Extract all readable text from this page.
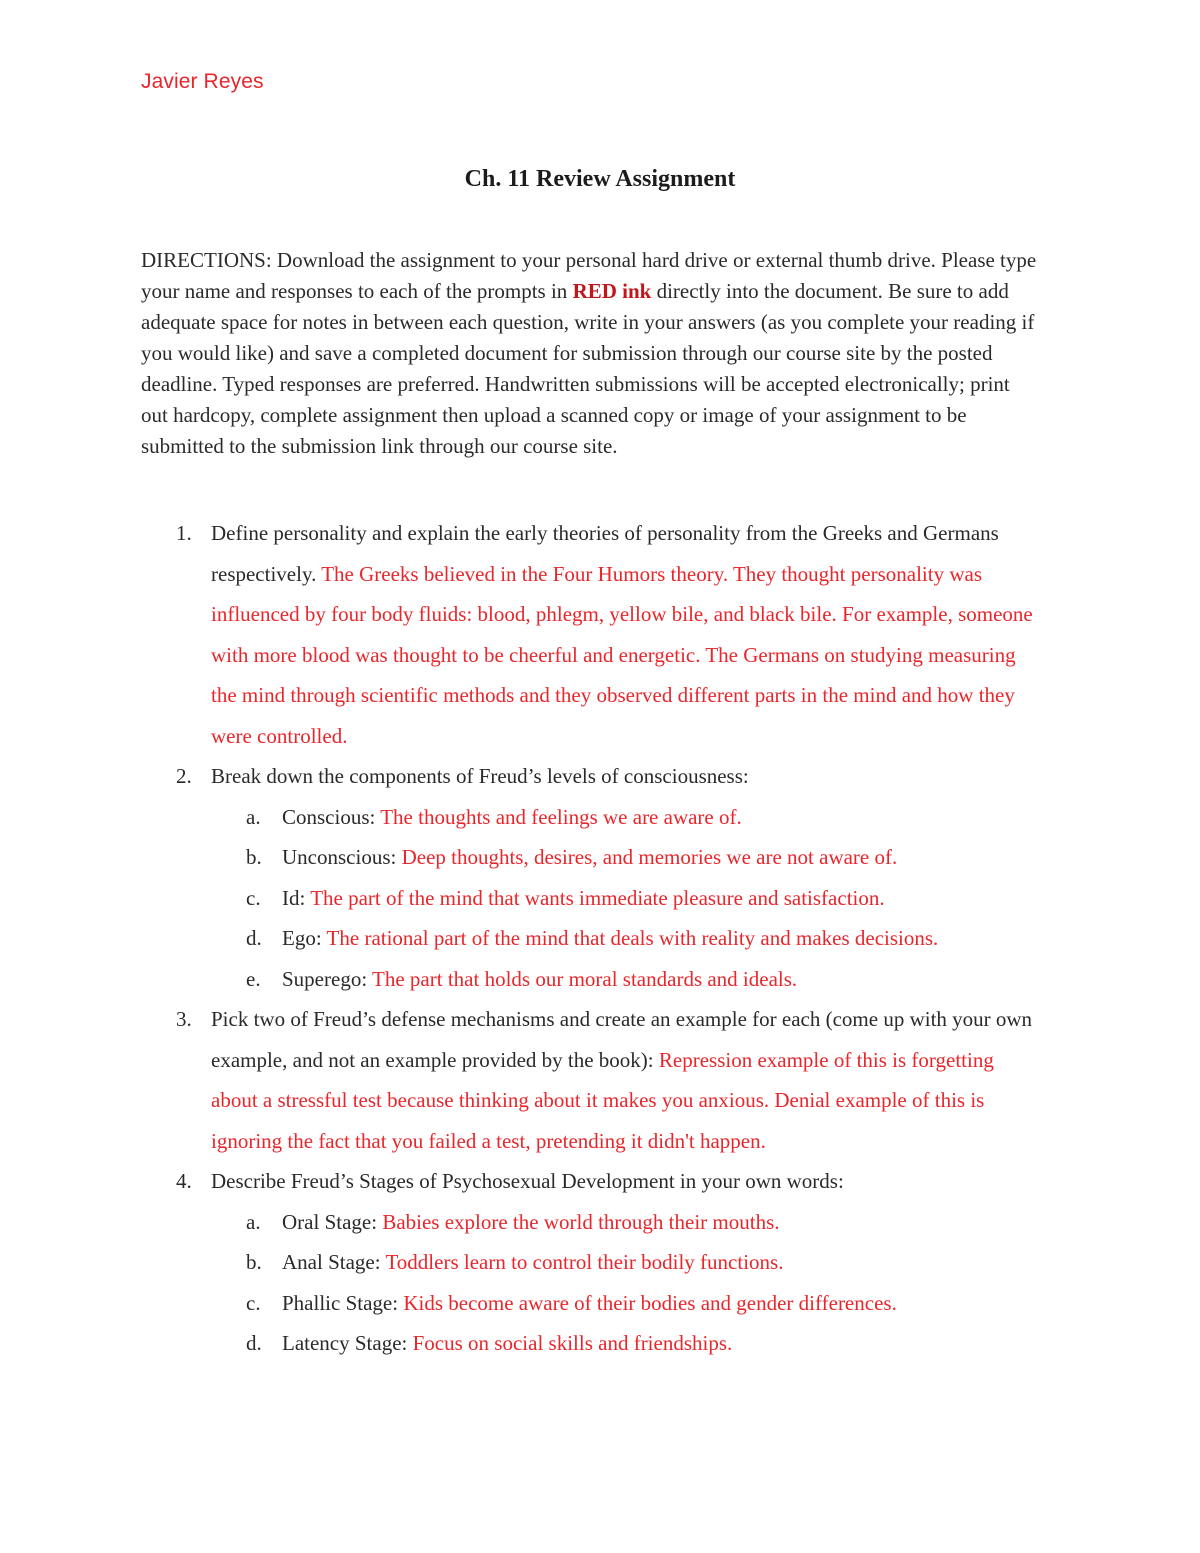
Javier Reyes
Ch. 11 Review Assignment
DIRECTIONS: Download the assignment to your personal hard drive or external thumb drive. Please type your name and responses to each of the prompts in RED ink directly into the document. Be sure to add adequate space for notes in between each question, write in your answers (as you complete your reading if you would like) and save a completed document for submission through our course site by the posted deadline. Typed responses are preferred. Handwritten submissions will be accepted electronically; print out hardcopy, complete assignment then upload a scanned copy or image of your assignment to be submitted to the submission link through our course site.
1. Define personality and explain the early theories of personality from the Greeks and Germans respectively. The Greeks believed in the Four Humors theory. They thought personality was influenced by four body fluids: blood, phlegm, yellow bile, and black bile. For example, someone with more blood was thought to be cheerful and energetic. The Germans on studying measuring the mind through scientific methods and they observed different parts in the mind and how they were controlled.
2. Break down the components of Freud’s levels of consciousness:
a. Conscious: The thoughts and feelings we are aware of.
b. Unconscious: Deep thoughts, desires, and memories we are not aware of.
c. Id: The part of the mind that wants immediate pleasure and satisfaction.
d. Ego: The rational part of the mind that deals with reality and makes decisions.
e. Superego: The part that holds our moral standards and ideals.
3. Pick two of Freud’s defense mechanisms and create an example for each (come up with your own example, and not an example provided by the book): Repression example of this is forgetting about a stressful test because thinking about it makes you anxious. Denial example of this is ignoring the fact that you failed a test, pretending it didn't happen.
4. Describe Freud’s Stages of Psychosexual Development in your own words:
a. Oral Stage: Babies explore the world through their mouths.
b. Anal Stage: Toddlers learn to control their bodily functions.
c. Phallic Stage: Kids become aware of their bodies and gender differences.
d. Latency Stage: Focus on social skills and friendships.
